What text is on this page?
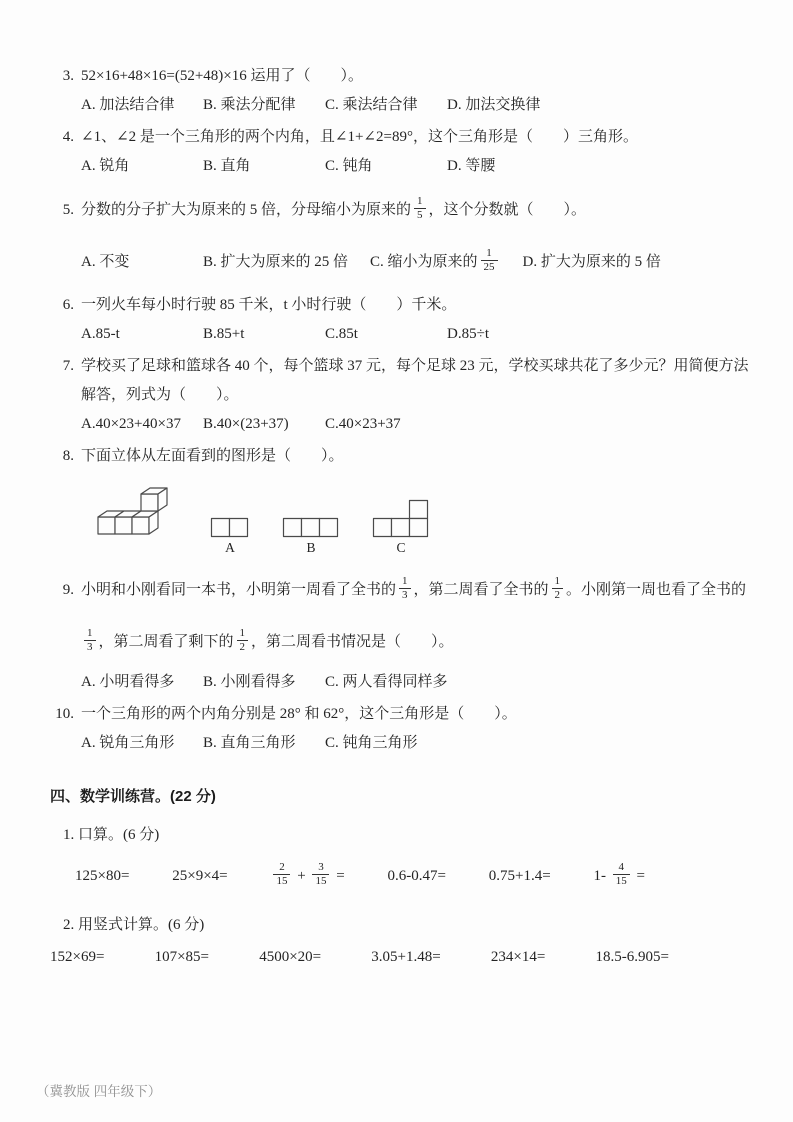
3. 52×16+48×16=(52+48)×16 运用了（　　）。
A. 加法结合律 B. 乘法分配律 C. 乘法结合律 D. 加法交换律
4. ∠1、∠2 是一个三角形的两个内角，且∠1+∠2=89°，这个三角形是（　　）三角形。
A. 锐角	B. 直角	C. 钝角	D. 等腰
5. 分数的分子扩大为原来的 5 倍，分母缩小为原来的 $\frac{1}{5}$ ，这个分数就（　　）。
A. 不变	B. 扩大为原来的 25 倍 C. 缩小为原来的 $\frac{1}{25} D$. 扩大为原来的 5 倍
6. 一列火车每小时行驶 85 千米，t 小时行驶（　　）千米。
A.85-t	B.85+t	C.85t	D.85÷t
7. 学校买了足球和篮球各 40 个，每个篮球 37 元，每个足球 23 元，学校买球共花了多少元？用简便方法解答，列式为（　　）。
A.40×23+40×37 B.40×(23+37) C.40×23+37
8. 下面立体从左面看到的图形是（　　）。
A	B	C
9. 小明和小刚看同一本书，小明第一周看了全书的 $\frac{1}{3}$ ，第二周看了全书的 $\frac{1}{2}$ 。小刚第一周也看了全书的
$\frac{1}{3}$ ，第二周看了剩下的 $\frac{1}{2}$ ，第二周看书情况是（　　）。
A. 小明看得多 B. 小刚看得多 C. 两人看得同样多
10. 一个三角形的两个内角分别是 28° 和 62°，这个三角形是（　　）。
A. 锐角三角形 B. 直角三角形 C. 钝角三角形
四、数学训练营。(22 分)
1. 口算。(6 分)
125×80=	25×9×4=	$\frac{2}{15} + \frac{3}{15}$ =	0.6-0.47=	0.75+1.4=	$1- \frac{4}{15}$ =
2. 用竖式计算。(6 分)
152×69=	107×85=	4500×20=	3.05+1.48=	234×14=	18.5-6.905=
（冀教版 四年级下）
